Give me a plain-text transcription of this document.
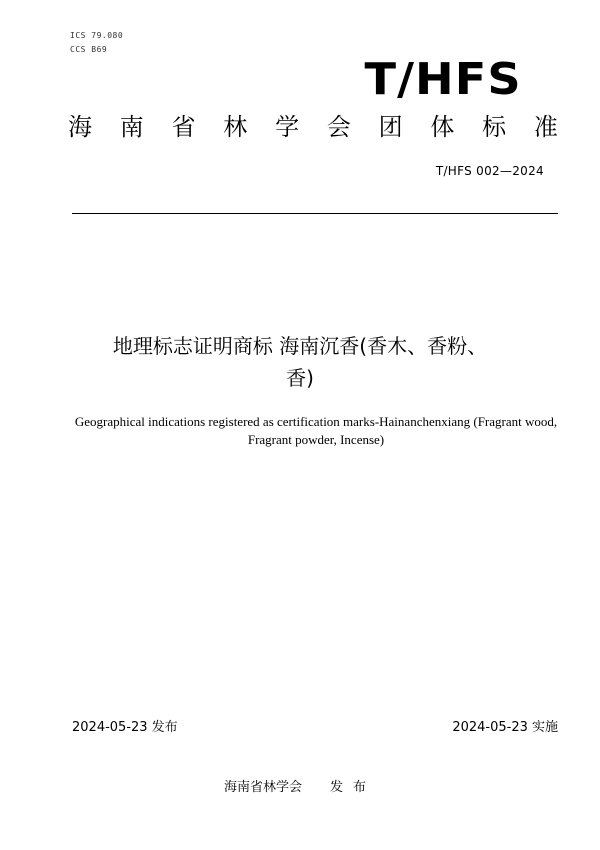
ICS 79.080
CCS B69
T/HFS
海 南 省 林 学 会 团 体 标 准
T/HFS 002—2024
地理标志证明商标 海南沉香(香木、香粉、
香)
Geographical indications registered as certification marks-Hainanchenxiang (Fragrant wood, Fragrant powder, Incense)
2024-05-23 发布	2024-05-23 实施
海南省林学会 发布
